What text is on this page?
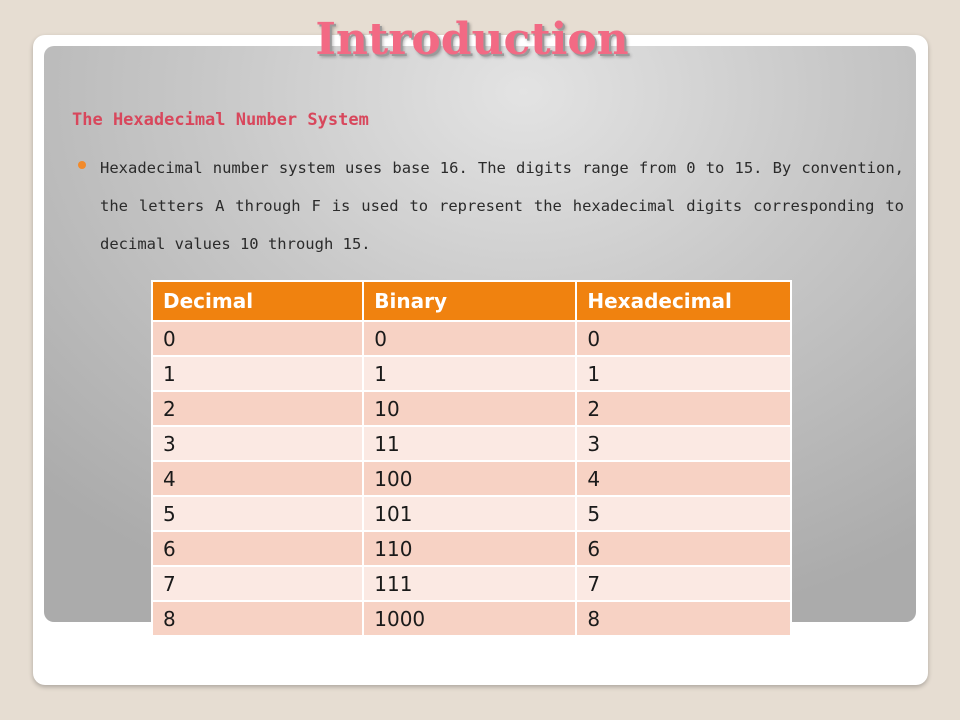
Introduction
The Hexadecimal Number System
Hexadecimal number system uses base 16. The digits range from 0 to 15. By convention, the letters A through F is used to represent the hexadecimal digits corresponding to decimal values 10 through 15.
Decimal	Binary	Hexadecimal
0	0	0
1	1	1
2	10	2
3	11	3
4	100	4
5	101	5
6	110	6
7	111	7
8	1000	8
